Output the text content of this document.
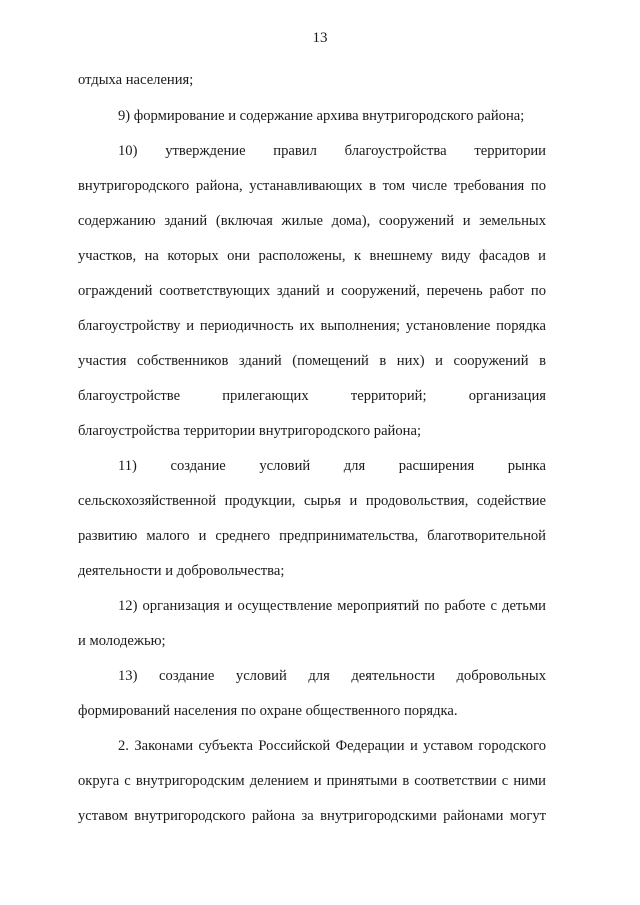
13
отдыха населения;
9) формирование и содержание архива внутригородского района;
10) утверждение правил благоустройства территории
внутригородского района, устанавливающих в том числе требования по
содержанию зданий (включая жилые дома), сооружений и земельных
участков, на которых они расположены, к внешнему виду фасадов и
ограждений соответствующих зданий и сооружений, перечень работ по
благоустройству и периодичность их выполнения; установление порядка
участия собственников зданий (помещений в них) и сооружений в
благоустройстве прилегающих территорий; организация
благоустройства территории внутригородского района;
11) создание условий для расширения рынка
сельскохозяйственной продукции, сырья и продовольствия, содействие
развитию малого и среднего предпринимательства, благотворительной
деятельности и добровольчества;
12) организация и осуществление мероприятий по работе с детьми
и молодежью;
13) создание условий для деятельности добровольных
формирований населения по охране общественного порядка.
2. Законами субъекта Российской Федерации и уставом городского
округа с внутригородским делением и принятыми в соответствии с ними
уставом внутригородского района за внутригородскими районами могут
